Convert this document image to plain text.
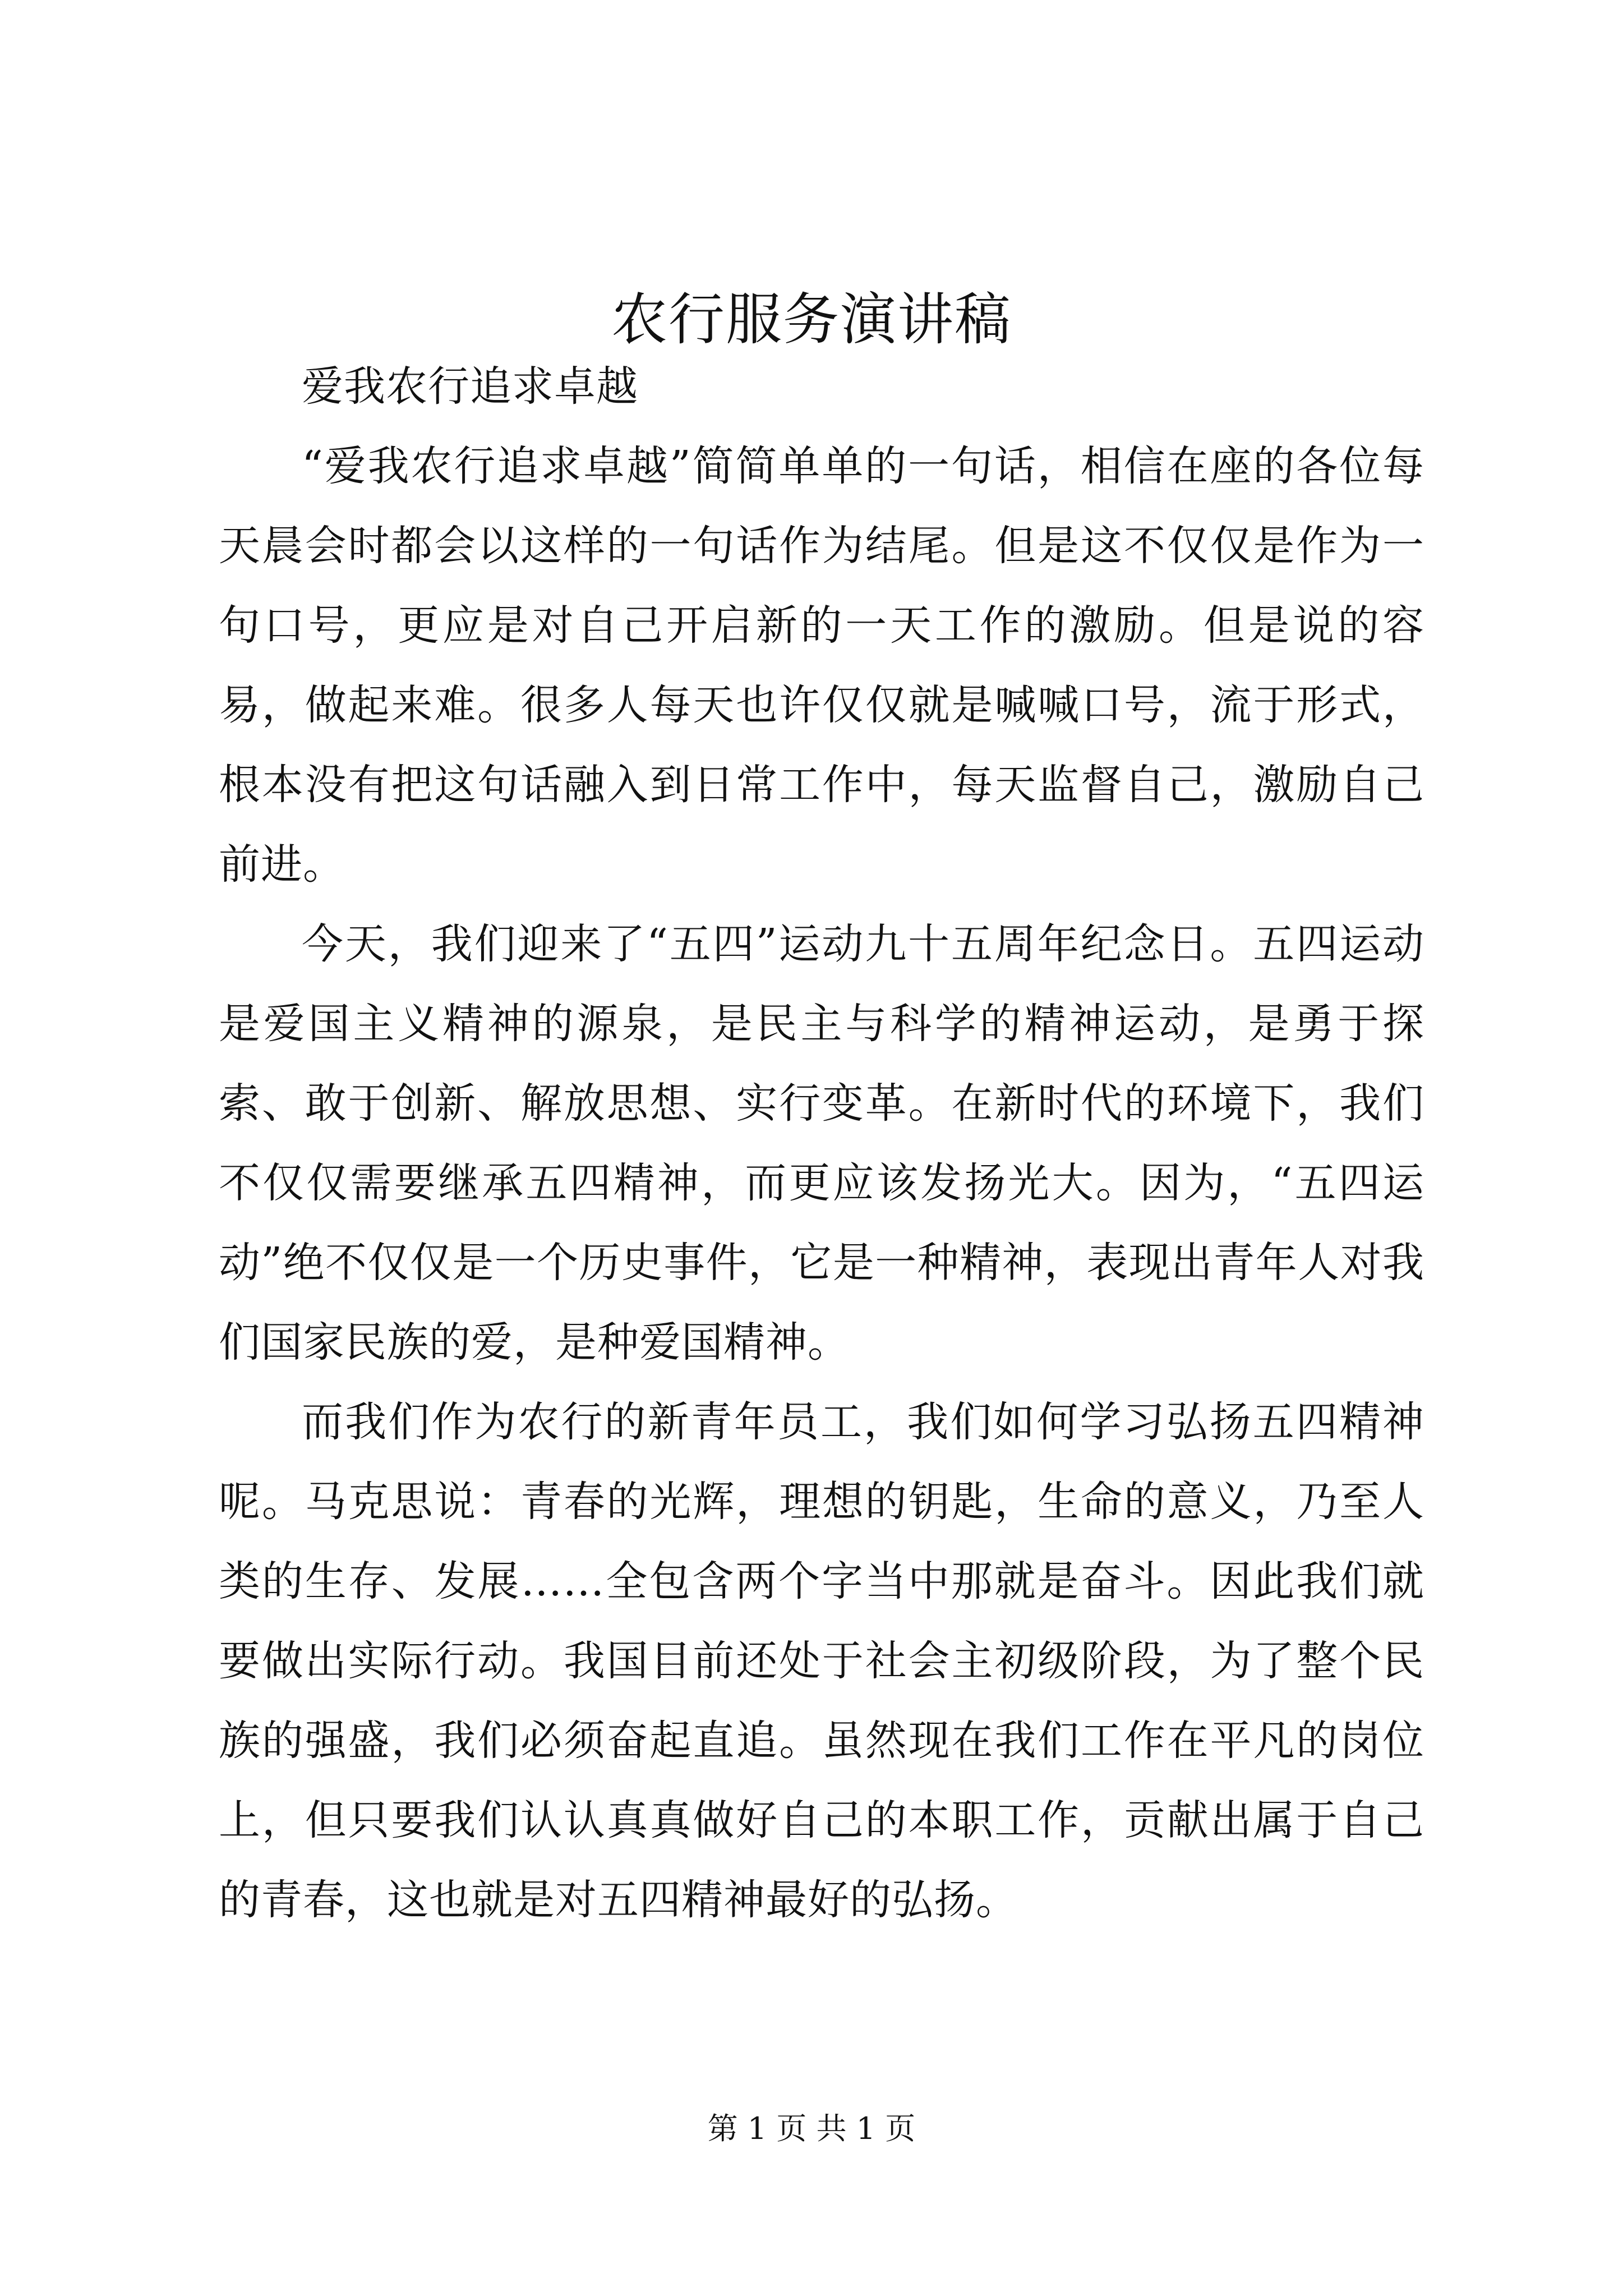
农行服务演讲稿

爱我农行追求卓越

“爱我农行追求卓越”简简单单的一句话，相信在座的各位每天晨会时都会以这样的一句话作为结尾。但是这不仅仅是作为一句口号，更应是对自己开启新的一天工作的激励。但是说的容易，做起来难。很多人每天也许仅仅就是喊喊口号，流于形式，根本没有把这句话融入到日常工作中，每天监督自己，激励自己前进。

今天，我们迎来了“五四”运动九十五周年纪念日。五四运动是爱国主义精神的源泉，是民主与科学的精神运动，是勇于探索、敢于创新、解放思想、实行变革。在新时代的环境下，我们不仅仅需要继承五四精神，而更应该发扬光大。因为，“五四运动”绝不仅仅是一个历史事件，它是一种精神，表现出青年人对我们国家民族的爱，是种爱国精神。

而我们作为农行的新青年员工，我们如何学习弘扬五四精神呢。马克思说：青春的光辉，理想的钥匙，生命的意义，乃至人类的生存、发展……全包含两个字当中那就是奋斗。因此我们就要做出实际行动。我国目前还处于社会主初级阶段，为了整个民族的强盛，我们必须奋起直追。虽然现在我们工作在平凡的岗位上，但只要我们认认真真做好自己的本职工作，贡献出属于自己的青春，这也就是对五四精神最好的弘扬。

第 1 页 共 1 页
